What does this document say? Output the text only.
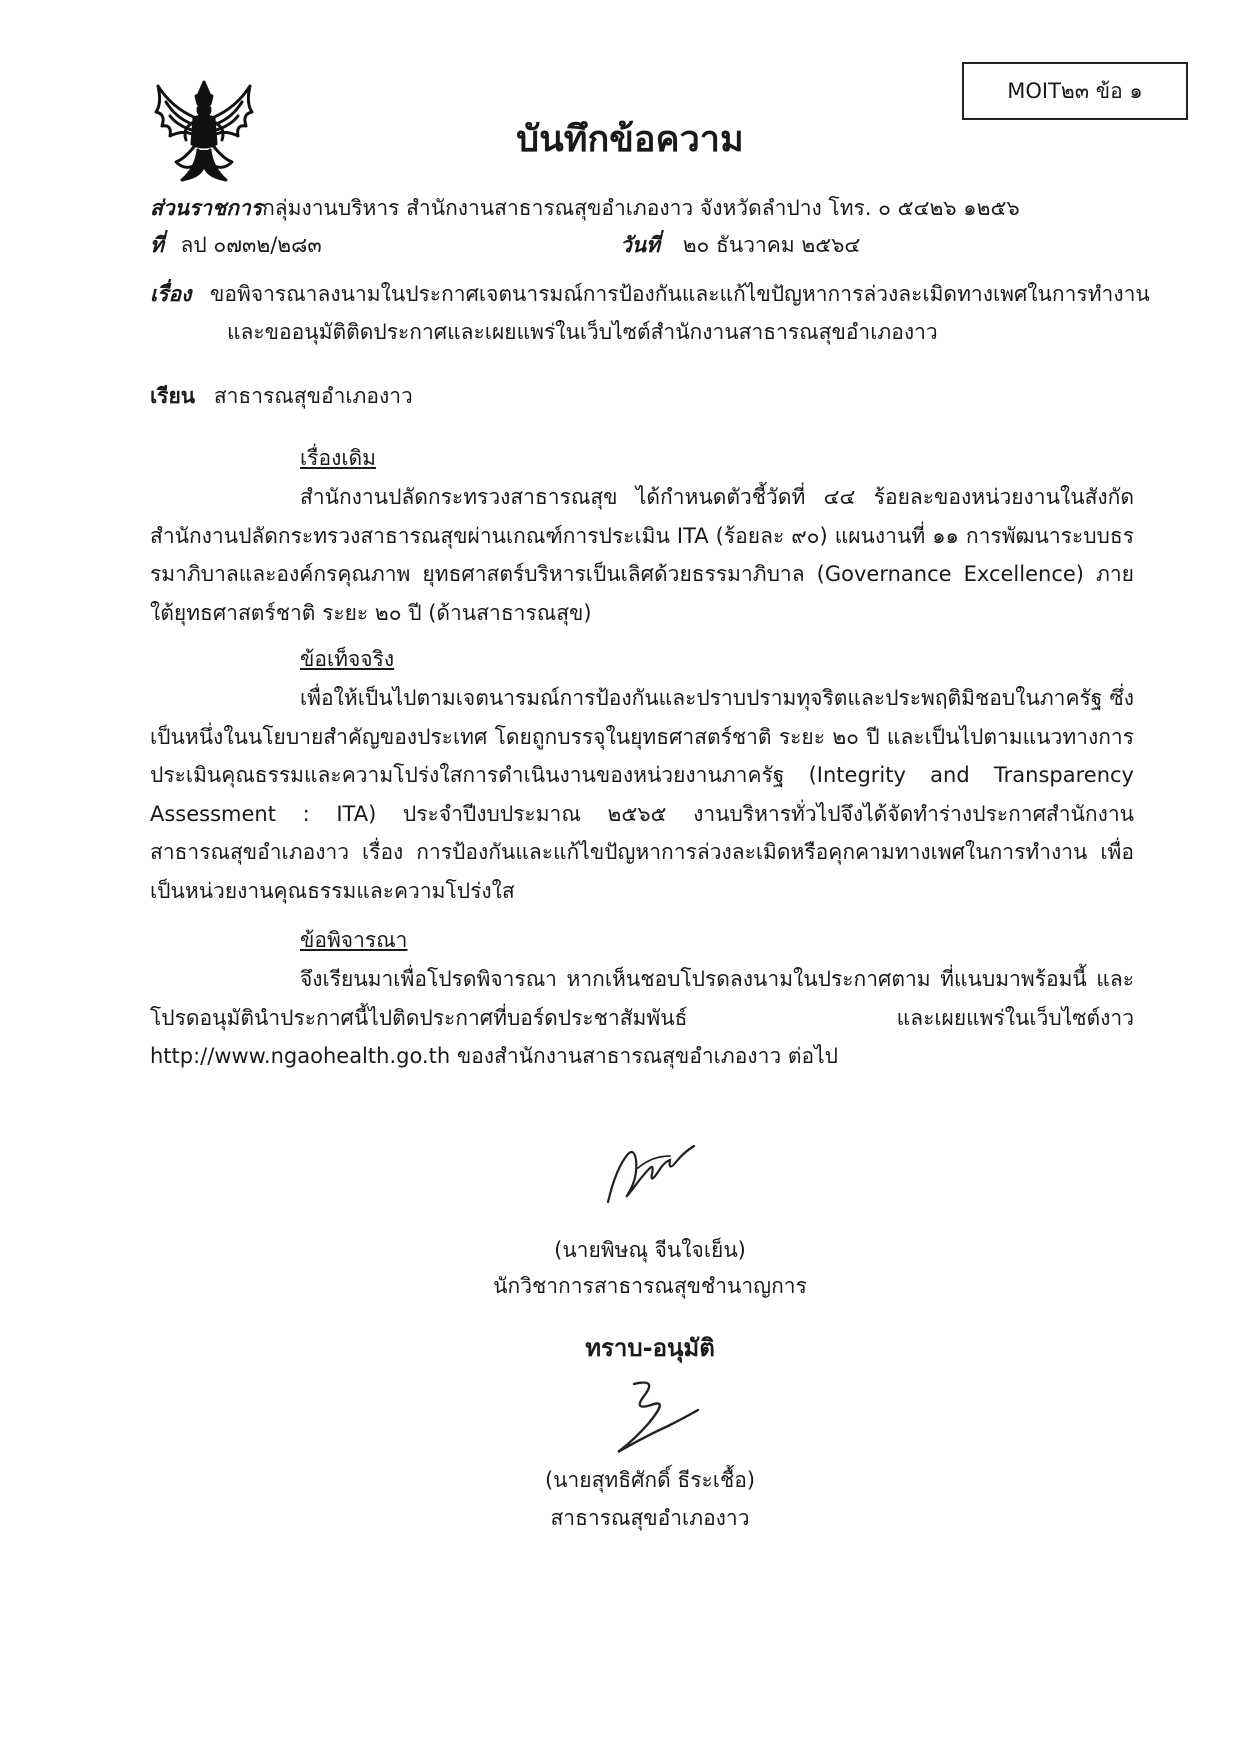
MOIT๒๓ ข้อ ๑
บันทึกข้อความ
ส่วนราชการกลุ่มงานบริหาร สำนักงานสาธารณสุขอำเภองาว จังหวัดลำปาง โทร. ๐ ๕๔๒๖ ๑๒๕๖
ที่ ลป ๐๗๓๒/๒๘๓	วันที่ ๒๐ ธันวาคม ๒๕๖๔
เรื่อง ขอพิจารณาลงนามในประกาศเจตนารมณ์การป้องกันและแก้ไขปัญหาการล่วงละเมิดทางเพศในการทำงาน
และขออนุมัติติดประกาศและเผยแพร่ในเว็บไซต์สำนักงานสาธารณสุขอำเภองาว
เรียน สาธารณสุขอำเภองาว
เรื่องเดิม
สำนักงานปลัดกระทรวงสาธารณสุข ได้กำหนดตัวชี้วัดที่ ๔๔ ร้อยละของหน่วยงานในสังกัดสำนักงานปลัดกระทรวงสาธารณสุขผ่านเกณฑ์การประเมิน ITA (ร้อยละ ๙๐) แผนงานที่ ๑๑ การพัฒนาระบบธรรมาภิบาลและองค์กรคุณภาพ ยุทธศาสตร์บริหารเป็นเลิศด้วยธรรมาภิบาล (Governance Excellence) ภายใต้ยุทธศาสตร์ชาติ ระยะ ๒๐ ปี (ด้านสาธารณสุข)
ข้อเท็จจริง
เพื่อให้เป็นไปตามเจตนารมณ์การป้องกันและปราบปรามทุจริตและประพฤติมิชอบในภาครัฐ ซึ่งเป็นหนึ่งในนโยบายสำคัญของประเทศ โดยถูกบรรจุในยุทธศาสตร์ชาติ ระยะ ๒๐ ปี และเป็นไปตามแนวทางการประเมินคุณธรรมและความโปร่งใสการดำเนินงานของหน่วยงานภาครัฐ (Integrity and Transparency Assessment : ITA) ประจำปีงบประมาณ ๒๕๖๕ งานบริหารทั่วไปจึงได้จัดทำร่างประกาศสำนักงานสาธารณสุขอำเภองาว เรื่อง การป้องกันและแก้ไขปัญหาการล่วงละเมิดหรือคุกคามทางเพศในการทำงาน เพื่อเป็นหน่วยงานคุณธรรมและความโปร่งใส
ข้อพิจารณา
จึงเรียนมาเพื่อโปรดพิจารณา หากเห็นชอบโปรดลงนามในประกาศตาม ที่แนบมาพร้อมนี้ และโปรดอนุมัตินำประกาศนี้ไปติดประกาศที่บอร์ดประชาสัมพันธ์ และเผยแพร่ในเว็บไซต์งาว http://www.ngaohealth.go.th ของสำนักงานสาธารณสุขอำเภองาว ต่อไป
(นายพิษณุ จีนใจเย็น)
นักวิชาการสาธารณสุขชำนาญการ
ทราบ-อนุมัติ
(นายสุทธิศักดิ์ ธีระเชื้อ)
สาธารณสุขอำเภองาว
